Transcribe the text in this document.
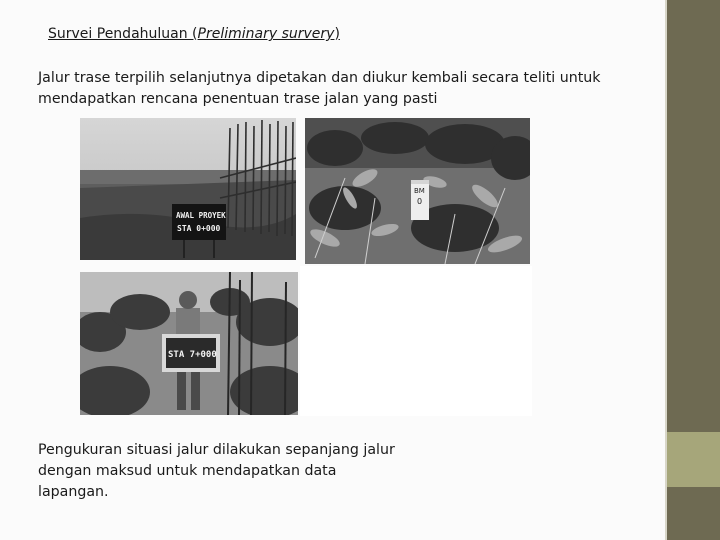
Survei Pendahuluan (Preliminary survery)
Jalur trase terpilih selanjutnya dipetakan dan diukur kembali secara teliti untuk mendapatkan rencana penentuan trase jalan yang pasti
AWAL PROYEK
STA 0+000
BM
0
STA 7+000
Pengukuran situasi jalur dilakukan sepanjang jalur dengan maksud untuk mendapatkan data lapangan.
